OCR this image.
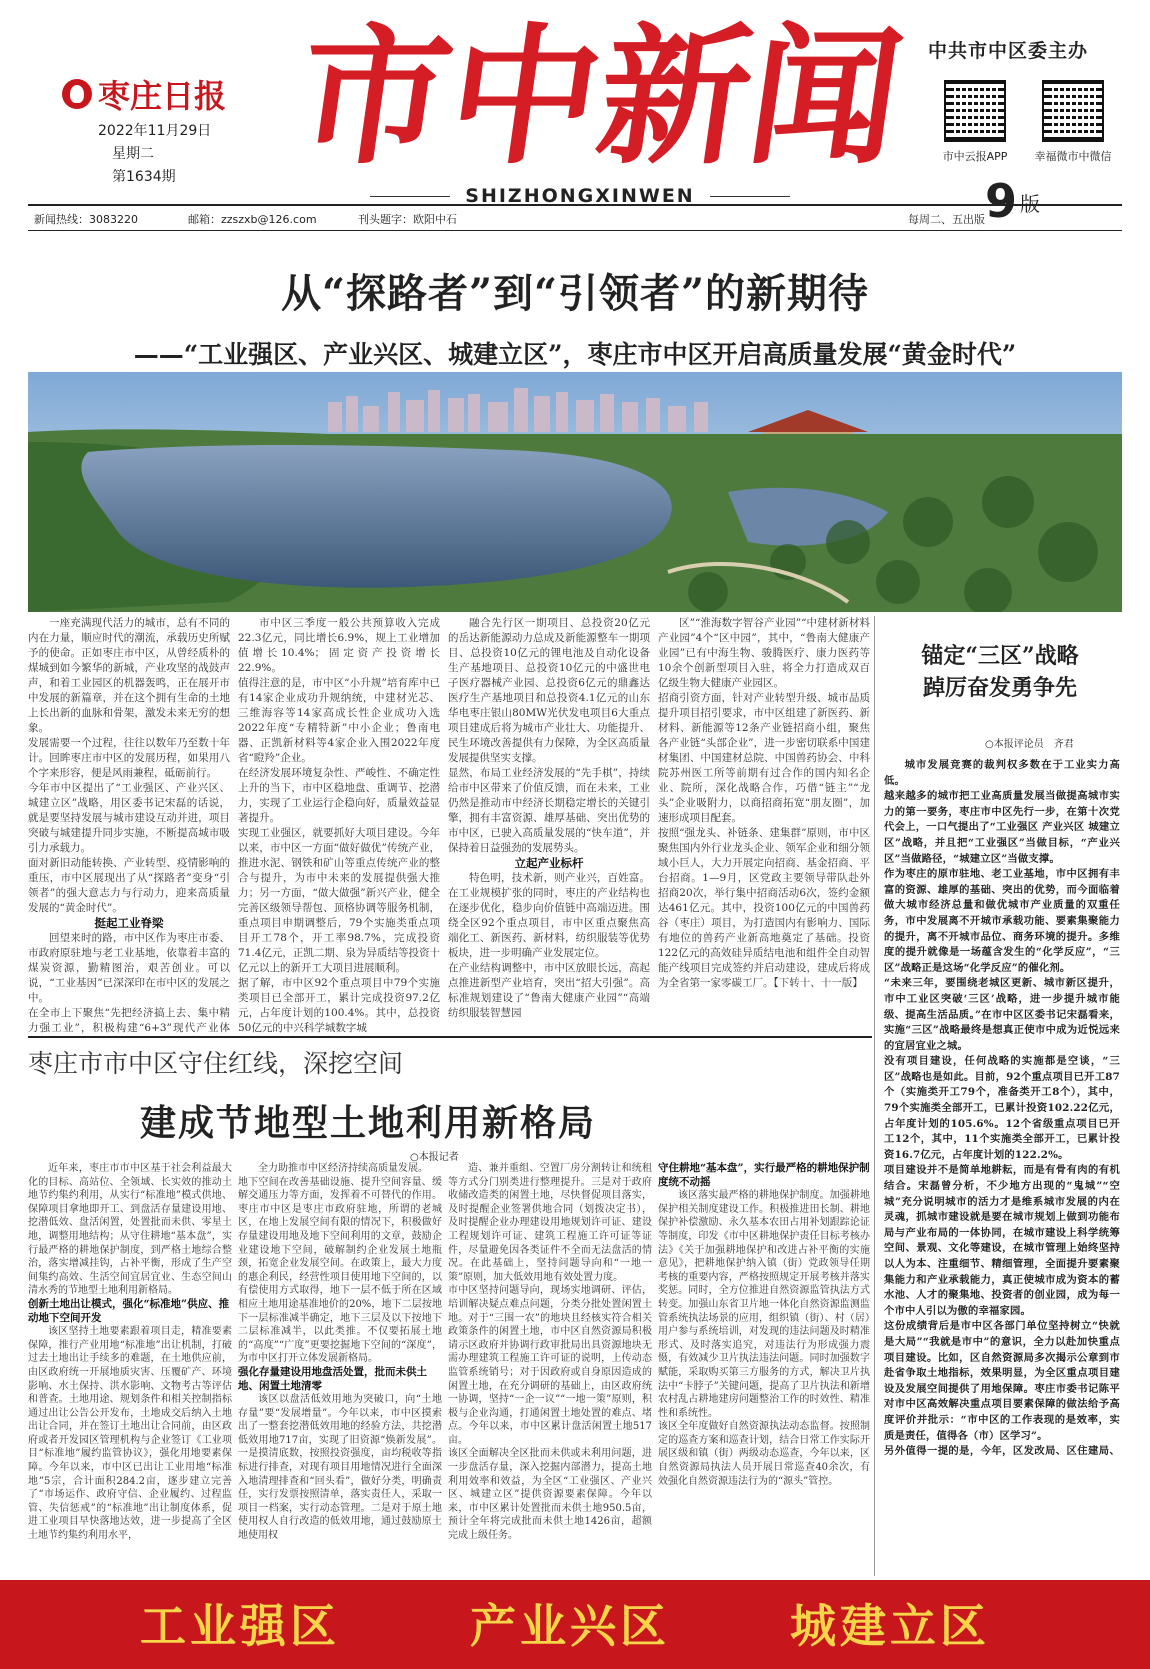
枣庄日报
2022年11月29日
星期二
第1634期 市中新闻
SHIZHONGXINWEN
中共市中区委主办
市中云报APP	幸福微市中微信
9 版
新闻热线：3083220	邮箱：zzszxb@126.com	刊头题字：欧阳中石	每周二、五出版
从“探路者”到“引领者”的新期待
——“工业强区、产业兴区、城建立区”，枣庄市中区开启高质量发展“黄金时代”
一座充满现代活力的城市，总有不同的内在力量，顺应时代的潮流，承载历史所赋予的使命。正如枣庄市中区，从曾经质朴的煤城到如今繁华的新城，产业攻坚的战鼓声声，和着工业园区的机器轰鸣，正在展开市中发展的新篇章，并在这个拥有生命的土地上长出新的血脉和骨架，激发未来无穷的想象。
发展需要一个过程，往往以数年乃至数十年计。回眸枣庄市中区的发展历程，如果用八个字来形容，便是风雨兼程，砥砺前行。
今年市中区提出了“工业强区、产业兴区、城建立区”战略，用区委书记宋磊的话说，就是要坚持发展与城市建设互动并进，项目突破与城建提升同步实施，不断提高城市吸引力承载力。
面对新旧动能转换、产业转型、疫情影响的重压，市中区展现出了从“探路者”变身“引领者”的强大意志力与行动力，迎来高质量发展的“黄金时代”。
挺起工业脊梁
回望来时的路，市中区作为枣庄市委、市政府原驻地与老工业基地，依靠着丰富的煤炭资源，勤精图治，艰苦创业。可以说，“工业基因”已深深印在市中区的发展之中。
在全市上下聚焦“先把经济搞上去、集中精力强工业”，积极构建“6+3”现代产业体
市中区三季度一般公共预算收入完成22.3亿元，同比增长6.9%，规上工业增加值增长10.4%；固定资产投资增长22.9%。
值得注意的是，市中区“小升规”培育库中已有14家企业成功升规纳统，中建材光芯、三维海容等14家高成长性企业成功入选2022年度“专精特新”中小企业；鲁南电器、正凯新材料等4家企业入围2022年度省“瞪羚”企业。
在经济发展环境复杂性、严峻性、不确定性上升的当下，市中区稳地盘、重调节、挖潜力，实现了工业运行企稳向好，质量效益显著提升。
实现工业强区，就要抓好大项目建设。今年以来，市中区一方面“做好做优”传统产业，推进水泥、钢铁和矿山等重点传统产业的整合与提升，为市中未来的发展提供强大推力；另一方面，“做大做强”新兴产业，健全完善区级领导帮包、顶格协调等服务机制，重点项目申期调整后，79个实施类重点项目开工78个，开工率98.7%，完成投资71.4亿元，正凯二期、泉为异质结等投资十亿元以上的新开工大项目进展顺利。
据了解，市中区92个重点项目中79个实施类项目已全部开工，累计完成投资97.2亿元，占年度计划的100.4%。其中，总投资50亿元的中兴科学城数字城
融合先行区一期项目、总投资20亿元的岳达新能源动力总成及新能源整车一期项目、总投资10亿元的锂电池及自动化设备生产基地项目、总投资10亿元的中盛世电子医疗器械产业园、总投资6亿元的鼎鑫达医疗生产基地项目和总投资4.1亿元的山东华电枣庄银山80MW光伏发电项目6大重点项目建成后将为城市产业壮大、功能提升、民生环境改善提供有力保障，为全区高质量发展提供坚实支撑。
显然，布局工业经济发展的“先手棋”，持续给市中区带来了价值反馈，而在未来，工业仍然是推动市中经济长期稳定增长的关键引擎，拥有丰富资源、雄厚基础、突出优势的市中区，已驶入高质量发展的“快车道”，并保持着日益强劲的发展势头。
立起产业标杆
特色明，技术新，则产业兴，百姓富。在工业规模扩张的同时，枣庄的产业结构也在逐步优化，稳步向价值链中高端迈进。围绕全区92个重点项目，市中区重点聚焦高端化工、新医药、新材料，纺织服装等优势板块，进一步明确产业发展定位。
在产业结构调整中，市中区放眼长远，高起点推进新型产业培育，突出“招大引强”。高标准规划建设了“鲁南大健康产业园”“高端纺织服装智慧园
区”“淮海数字智谷产业园”“中建材新材料产业园”4个“区中园”，其中，“鲁南大健康产业园”已有中海生物、骏腾医疗、康力医药等10余个创新型项目入驻，将全力打造成双百亿级生物大健康产业园区。
招商引资方面，针对产业转型升级、城市品质提升项目招引要求，市中区组建了新医药、新材料、新能源等12条产业链招商小组，聚焦各产业链“头部企业”，进一步密切联系中国建材集团、中国建材总院、中国兽药协会、中科院苏州医工所等前期有过合作的国内知名企业、院所，深化战略合作，巧借“链主”“龙头”企业吸附力，以商招商拓宽“朋友圈”，加速形成项目配套。
按照“强龙头、补链条、建集群”原则，市中区聚焦国内外行业龙头企业、领军企业和细分领域小巨人，大力开展定向招商、基金招商、平台招商。1—9月，区党政主要领导带队赴外招商20次，举行集中招商活动6次，签约金额达461亿元。其中，投资100亿元的中国兽药谷（枣庄）项目，为打造国内有影响力、国际有地位的兽药产业新高地奠定了基础。投资122亿元的高效硅异质结电池和组件全自动智能产线项目完成签约并启动建设，建成后将成为全省第一家零碳工厂。【下转十、十一版】
锚定“三区”战略
踔厉奋发勇争先
○本报评论员　齐君
城市发展竞赛的裁判权多数在于工业实力高低。
越来越多的城市把工业高质量发展当做提高城市实力的第一要务，枣庄市中区先行一步，在第十次党代会上，一口气提出了“工业强区 产业兴区 城建立区”战略，并且把“工业强区”当做目标，“产业兴区”当做路径，“城建立区”当做支撑。
作为枣庄的原市驻地、老工业基地，市中区拥有丰富的资源、雄厚的基础、突出的优势，而今面临着做大城市经济总量和做优城市产业质量的双重任务，市中发展离不开城市承载功能、要素集聚能力的提升，离不开城市品位、商务环境的提升。多维度的提升就像是一场蕴含发生的“化学反应”，“三区”战略正是这场“化学反应”的催化剂。
“未来三年，要围绕老城区更新、城市新区提升，市中工业区突破‘三区’战略，进一步提升城市能级、提高生活品质。”在市中区区委书记宋磊看来，实施“三区”战略最终是想真正使市中成为近悦远来的宜居宜业之城。
没有项目建设，任何战略的实施都是空谈，“三区”战略也是如此。目前，92个重点项目已开工87个（实施类开工79个，准备类开工8个），其中，79个实施类全部开工，已累计投资102.22亿元，占年度计划的105.6%。12个省级重点项目已开工12个，其中，11个实施类全部开工，已累计投资16.7亿元，占年度计划的122.2%。
项目建设并不是简单地耕耘，而是有骨有肉的有机结合。宋磊曾分析，不少地方出现的“鬼城”“空城”充分说明城市的活力才是维系城市发展的内在灵魂，抓城市建设就是要在城市规划上做到功能布局与产业布局的一体协同，在城市建设上科学统筹空间、景观、文化等建设，在城市管理上始终坚持以人为本、注重细节、精细管理，全面提升要素聚集能力和产业承载能力，真正使城市成为资本的蓄水池、人才的聚集地、投资者的创业园，成为每一个市中人引以为傲的幸福家园。
这份成绩背后是市中区各部门单位坚持树立“快就是大局”“我就是市中”的意识，全力以赴加快重点项目建设。比如，区自然资源局多次揭示公章到市赴省争取土地指标，效果明显，为全区重点项目建设及发展空间提供了用地保障。枣庄市委书记陈平对市中区高效解决重点项目要素保障的做法给予高度评价并批示：“市中区的工作表现的是效率，实质是责任，值得各（市）区学习”。
另外值得一提的是，今年，区发改局、区住建局、

枣庄市市中区守住红线，深挖空间
建成节地型土地利用新格局
○本报记者
近年来，枣庄市市中区基于社会利益最大化的目标、高站位、全领域、长实效的推动土地节约集约利用，从实行“标准地”模式供地、保障项目拿地即开工、到盘活存量建设用地、挖潜低效、盘活闲置，处置批而未供、零星土地，调整用地结构；从守住耕地“基本盘”，实行最严格的耕地保护制度，到严格土地综合整治，落实增减挂钩，占补平衡，形成了生产空间集约高效、生活空间宜居宜业、生态空间山清水秀的节地型土地利用新格局。
创新土地出让模式，强化“标准地”供应、推动地下空间开发
该区坚持土地要素跟着项目走，精准要素保障，推行产业用地“标准地”出让机制，打破过去土地出让手续多的难题，在土地供应前，由区政府统一开展地质灾害、压覆矿产、环境影响、水土保持、洪水影响、文物考古等评估和普查。土地用途、规划条件和相关控制指标通过出让公告公开发布，土地成交后纳入土地出让合同，并在签订土地出让合同前，由区政府或者开发园区管理机构与企业签订《工业项目“标准地”履约监管协议》，强化用地要素保障。今年以来，市中区已出让工业用地“标准地”5宗，合计面积284.2亩，逐步建立完善了“市场运作、政府守信、企业履约、过程监管、失信惩戒”的“标准地”出让制度体系，促进工业项目早快落地达效，进一步提高了全区土地节约集约利用水平，
全力助推市中区经济持续高质量发展。
地下空间在改善基础设施、提升空间容量、缓解交通压力等方面，发挥着不可替代的作用。枣庄市中区是枣庄市政府驻地，所谓的老城区，在地上发展空间有限的情况下，积极做好存量建设用地及地下空间利用的文章，鼓励企业建设地下空间，破解制约企业发展土地瓶颈，拓宽企业发展空间。在政策上，最大力度的惠企利民，经营性项目使用地下空间的，以有偿使用方式取得，地下一层不低于所在区域相应土地用途基准地价的20%，地下二层按地下一层标准减半确定，地下三层及以下按地下二层标准减半，以此类推。不仅要拓展土地的“高度”“广度”更要挖掘地下空间的“深度”，为市中区打开立体发展新格局。
强化存量建设用地盘活处置，批而未供土地、闲置土地清零
该区以盘活低效用地为突破口，向“土地存量”要“发展增量”。今年以来，市中区摸索出了一整套挖潜低效用地的经验方法，共挖潜低效用地717亩，实现了旧资源“焕新发展”。一是摸清底数，按照投资强度，亩均税收等指标进行排查，对现有项目用地情况进行全面深入地清理排查和“回头看”，做好分类，明确责任，实行发票按照清单，落实责任人，采取一项目一档案，实行动态管理。二是对于原土地使用权人自行改造的低效用地，通过鼓励原土地使用权
造、兼并重组、空置厂房分割转让和统租等方式分门别类进行整理提升。三是对于政府收储改造类的闲置土地，尽快督促项目落实，及时提醒企业签署供地合同（划拨决定书），及时提醒企业办理建设用地规划许可证、建设工程规划许可证、建筑工程施工许可证等证件，尽量避免因各类证件不全而无法盘活的情况。在此基础上，坚持问题导向和“一地一策”原则，加大低效用地有效处置力度。
市中区坚持问题导向，现场实地调研、评估，培训解决疑点难点问题，分类分批处置闲置土地。对于“三围一农”的地块且经核实符合相关政策条件的闲置土地，市中区自然资源局积极请示区政府并协调行政审批局出具资源地块无需办理建筑工程施工许可证的说明，上传动态监管系统销号；对于因政府或自身原因造成的闲置土地，在充分调研的基础上，由区政府统一协调，坚持“一企一议”“一地一策”原则，积极与企业沟通，打通闲置土地处置的难点、堵点。今年以来，市中区累计盘活闲置土地517亩。
该区全面解决全区批而未供或未利用问题，进一步盘活存量，深入挖掘内部潜力，提高土地利用效率和效益，为全区“工业强区、产业兴区、城建立区”提供资源要素保障。今年以来，市中区累计处置批而未供土地950.5亩，预计全年将完成批而未供土地1426亩，超额完成上级任务。
守住耕地“基本盘”，实行最严格的耕地保护制度统不动摇
该区落实最严格的耕地保护制度。加强耕地保护相关制度建设工作。积极推进田长制、耕地保护补偿激励、永久基本农田占用补划跟踪论证等制度，印发《市中区耕地保护责任目标考核办法》《关于加强耕地保护和改进占补平衡的实施意见》，把耕地保护纳入镇（街）党政领导任期考核的重要内容，严格按照规定开展考核并落实奖惩。同时，全方位推进自然资源监管执法方式转变。加强山东省卫片地一体化自然资源监测监管系统执法场景的应用，组织镇（街）、村（居）用户参与系统培训，对发现的违法问题及时精准形式、及时落实追究，对违法行为形成强力震慑，有效减少卫片执法违法问题。同时加强数字赋能，采取购买第三方服务的方式，解决卫片执法中“卡脖子”关键问题，提高了卫片执法和新增农村乱占耕地建房问题整治工作的时效性、精准性和系统性。
该区全年度做好自然资源执法动态监督。按照制定的巡查方案和巡查计划，结合日常工作实际开展区级和镇（街）两级动态巡查，今年以来，区自然资源局执法人员开展日常巡查40余次，有效强化自然资源违法行为的“源头”管控。
工业强区	产业兴区	城建立区
